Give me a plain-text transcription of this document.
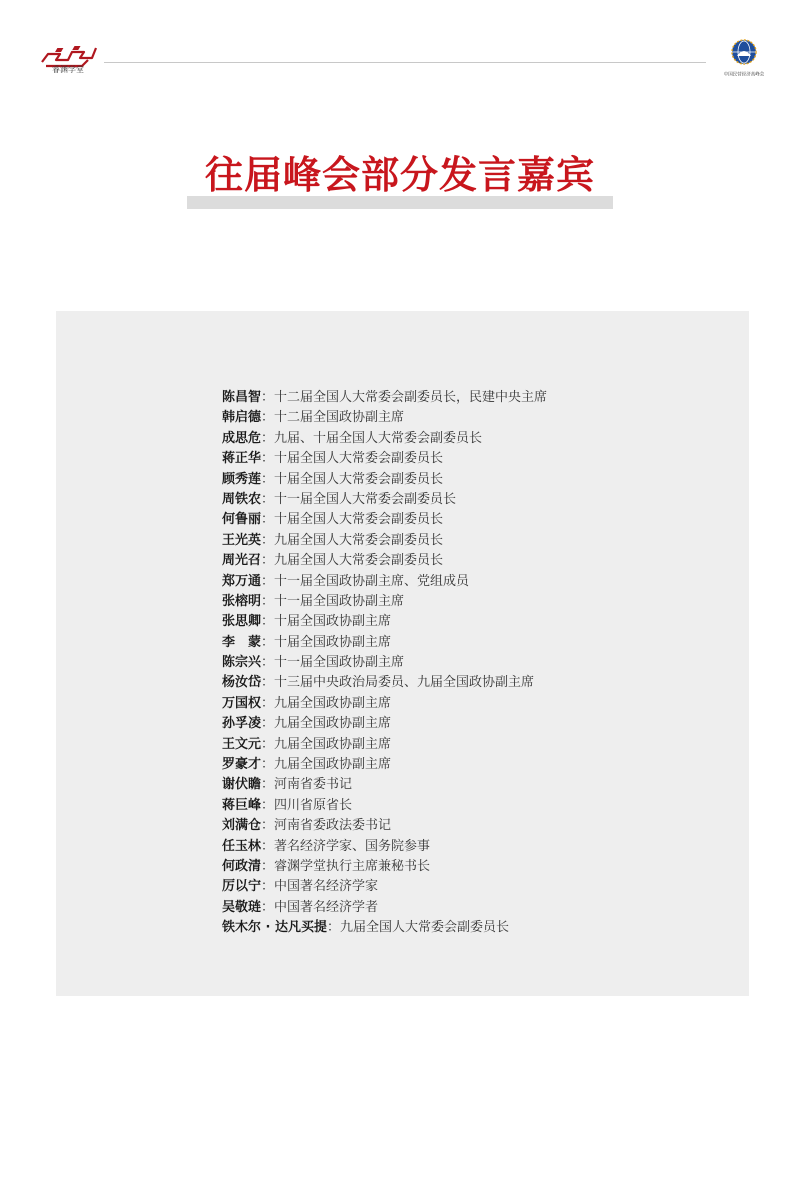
睿渊学堂
中国民营经济高峰会
往届峰会部分发言嘉宾
陈昌智：十二届全国人大常委会副委员长，民建中央主席
韩启德：十二届全国政协副主席
成思危：九届、十届全国人大常委会副委员长
蒋正华：十届全国人大常委会副委员长
顾秀莲：十届全国人大常委会副委员长
周铁农：十一届全国人大常委会副委员长
何鲁丽：十届全国人大常委会副委员长
王光英：九届全国人大常委会副委员长
周光召：九届全国人大常委会副委员长
郑万通：十一届全国政协副主席、党组成员
张榕明：十一届全国政协副主席
张思卿：十届全国政协副主席
李　蒙：十届全国政协副主席
陈宗兴：十一届全国政协副主席
杨汝岱：十三届中央政治局委员、九届全国政协副主席
万国权：九届全国政协副主席
孙孚凌：九届全国政协副主席
王文元：九届全国政协副主席
罗豪才：九届全国政协副主席
谢伏瞻：河南省委书记
蒋巨峰：四川省原省长
刘满仓：河南省委政法委书记
任玉林：著名经济学家、国务院参事
何政清：睿渊学堂执行主席兼秘书长
厉以宁：中国著名经济学家
吴敬琏：中国著名经济学者
铁木尔 · 达凡买提：九届全国人大常委会副委员长
